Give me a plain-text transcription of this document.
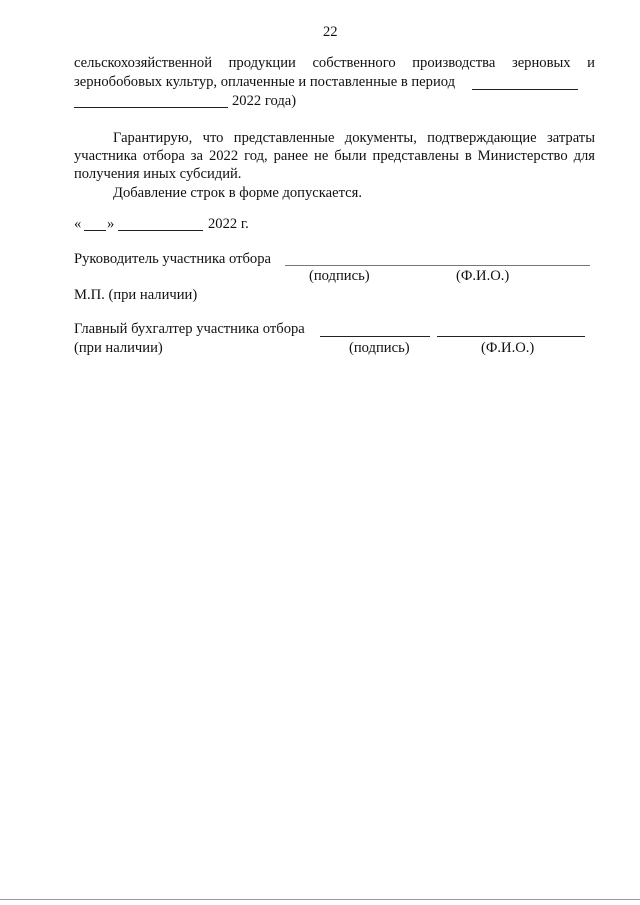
22
сельскохозяйственной продукции собственного производства зерновых и
зернобобовых культур, оплаченные и поставленные в период
2022 года)
Гарантирую, что представленные документы, подтверждающие затраты
участника отбора за 2022 год, ранее не были представлены в Министерство для
получения иных субсидий.
Добавление строк в форме допускается.
« »	2022 г.
Руководитель участника отбора
(подпись)	(Ф.И.О.)
М.П. (при наличии)
Главный бухгалтер участника отбора
(при наличии)	(подпись)	(Ф.И.О.)
